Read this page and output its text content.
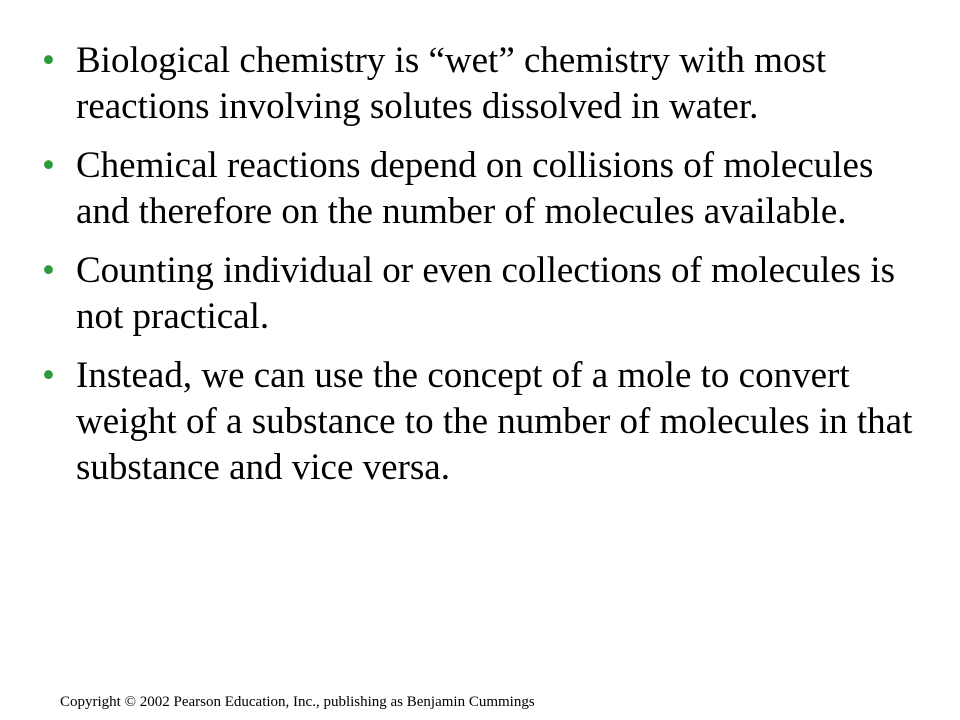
• Biological chemistry is “wet” chemistry with most reactions involving solutes dissolved in water.
• Chemical reactions depend on collisions of molecules and therefore on the number of molecules available.
• Counting individual or even collections of molecules is not practical.
• Instead, we can use the concept of a mole to convert weight of a substance to the number of molecules in that substance and vice versa.
Copyright © 2002 Pearson Education, Inc., publishing as Benjamin Cummings
